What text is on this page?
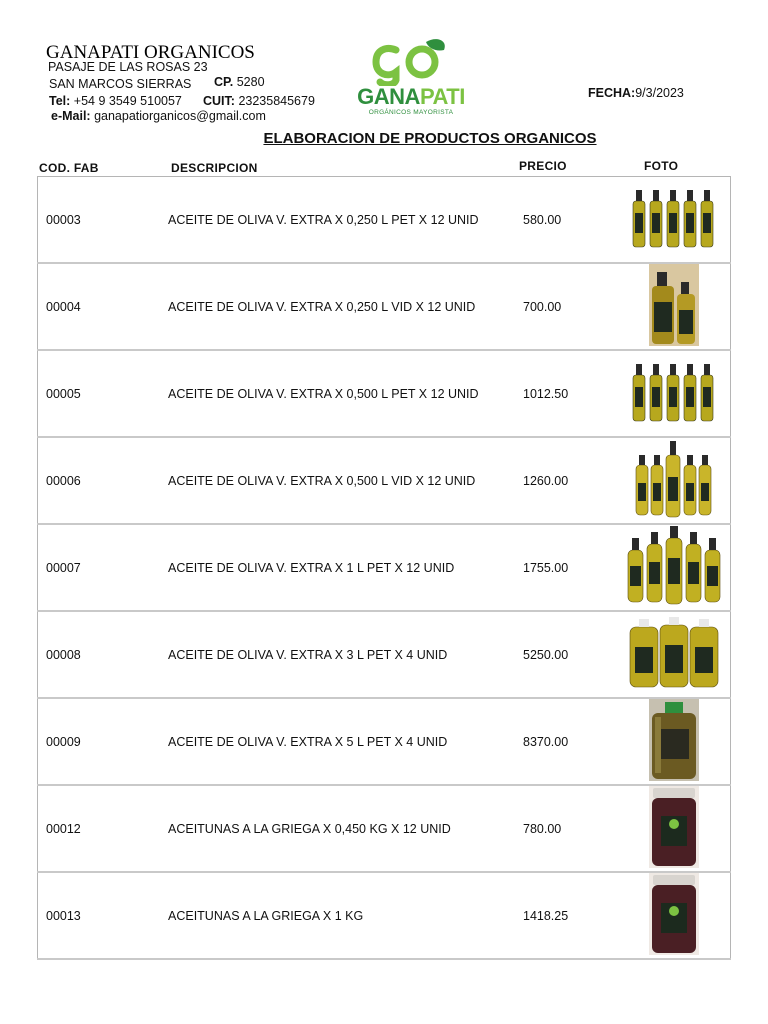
GANAPATI ORGANICOS
PASAJE DE LAS ROSAS 23
SAN MARCOS SIERRAS CP. 5280
Tel: +54 9 3549 510057 CUIT: 23235845679
e-Mail: ganapatiorganicos@gmail.com
GANAPATI
ORGÁNICOS MAYORISTA
FECHA:9/3/2023
ELABORACION DE PRODUCTOS ORGANICOS
COD. FAB	DESCRIPCION	PRECIO	FOTO
00003	ACEITE DE OLIVA V. EXTRA X 0,250 L PET X 12 UNID	580.00	
00004	ACEITE DE OLIVA V. EXTRA X 0,250 L VID X 12 UNID	700.00	
00005	ACEITE DE OLIVA V. EXTRA X 0,500 L PET X 12 UNID	1012.50	
00006	ACEITE DE OLIVA V. EXTRA X 0,500 L VID X 12 UNID	1260.00	
00007	ACEITE DE OLIVA V. EXTRA X 1 L PET X 12 UNID	1755.00	
00008	ACEITE DE OLIVA V. EXTRA X 3 L PET X 4 UNID	5250.00	
00009	ACEITE DE OLIVA V. EXTRA X 5 L PET X 4 UNID	8370.00	
00012	ACEITUNAS A LA GRIEGA X 0,450 KG X 12 UNID	780.00	
00013	ACEITUNAS A LA GRIEGA X 1 KG	1418.25	
